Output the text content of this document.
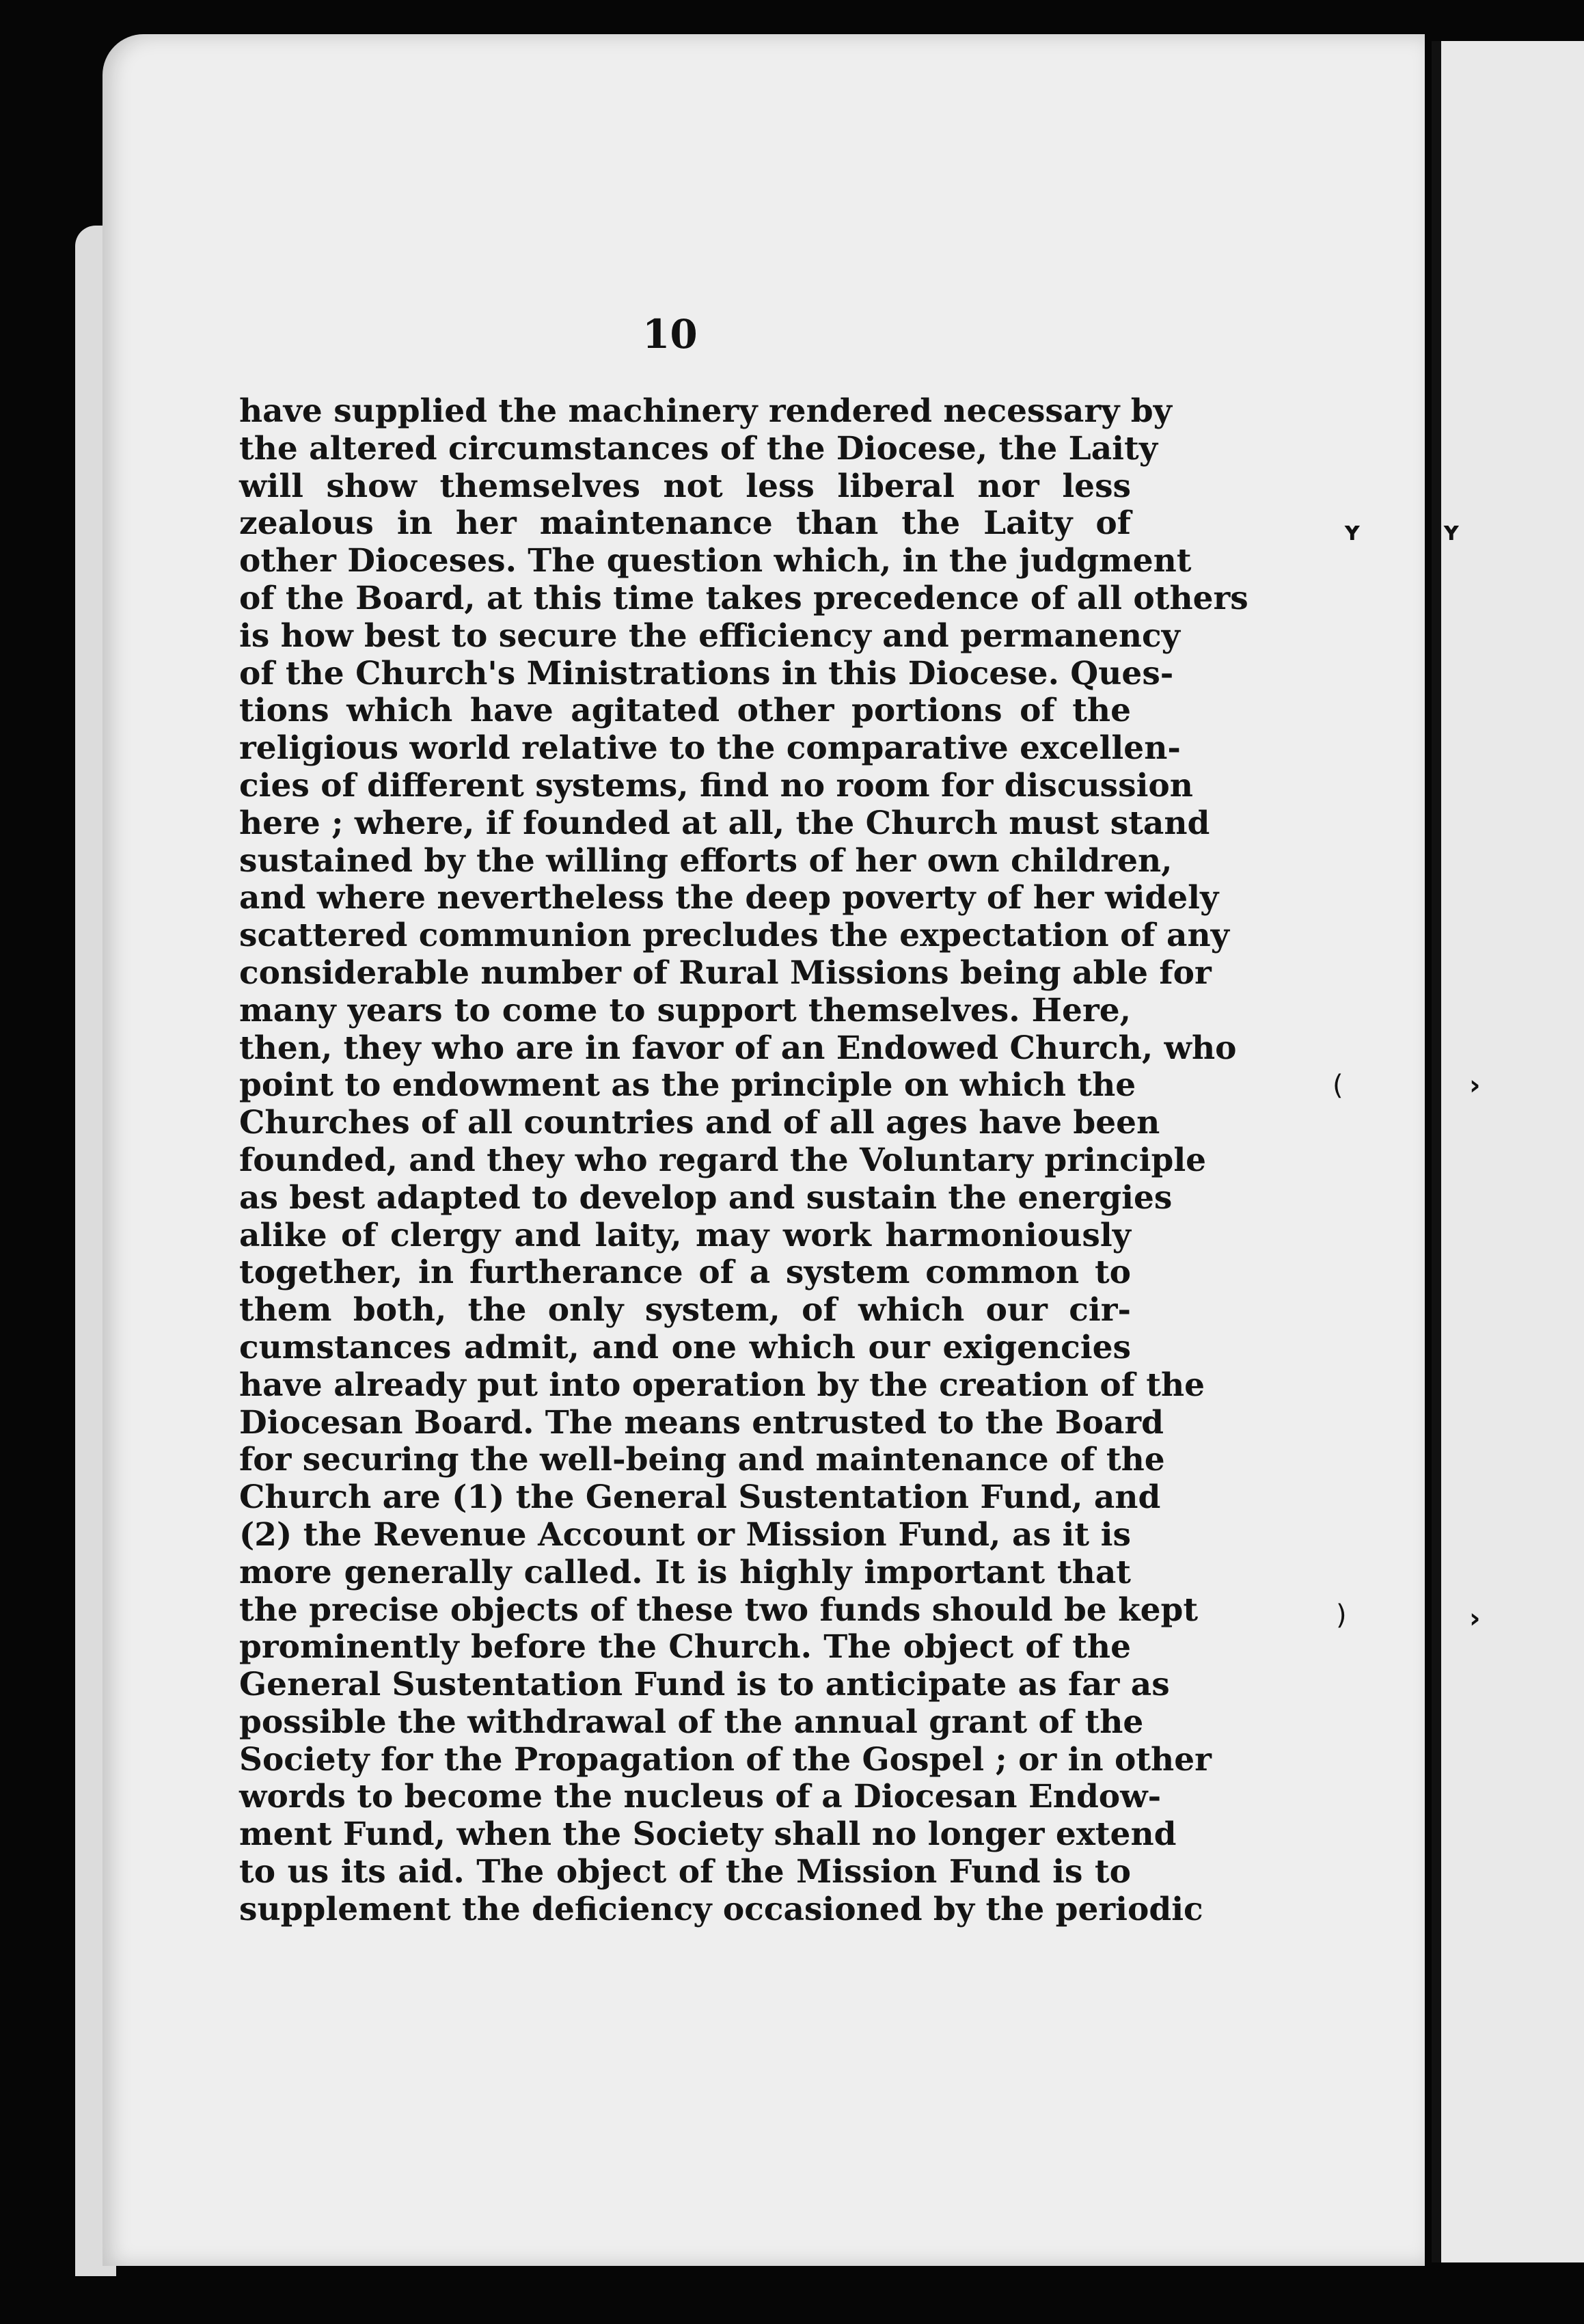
10
have supplied the machinery rendered necessary by
the altered circumstances of the Diocese, the Laity
will show themselves not less liberal nor less
zealous in her maintenance than the Laity of
other Dioceses. The question which, in the judgment
of the Board, at this time takes precedence of all others
is how best to secure the efficiency and permanency
of the Church's Ministrations in this Diocese. Ques-
tions which have agitated other portions of the
religious world relative to the comparative excellen-
cies of different systems, find no room for discussion
here ; where, if founded at all, the Church must stand
sustained by the willing efforts of her own children,
and where nevertheless the deep poverty of her widely
scattered communion precludes the expectation of any
considerable number of Rural Missions being able for
many years to come to support themselves. Here,
then, they who are in favor of an Endowed Church, who
point to endowment as the principle on which the
Churches of all countries and of all ages have been
founded, and they who regard the Voluntary principle
as best adapted to develop and sustain the energies
alike of clergy and laity, may work harmoniously
together, in furtherance of a system common to
them both, the only system, of which our cir-
cumstances admit, and one which our exigencies
have already put into operation by the creation of the
Diocesan Board. The means entrusted to the Board
for securing the well-being and maintenance of the
Church are (1) the General Sustentation Fund, and
(2) the Revenue Account or Mission Fund, as it is
more generally called. It is highly important that
the precise objects of these two funds should be kept
prominently before the Church. The object of the
General Sustentation Fund is to anticipate as far as
possible the withdrawal of the annual grant of the
Society for the Propagation of the Gospel ; or in other
words to become the nucleus of a Diocesan Endow-
ment Fund, when the Society shall no longer extend
to us its aid. The object of the Mission Fund is to
supplement the deficiency occasioned by the periodic
ʏ	ʏ
(	›
)	›
